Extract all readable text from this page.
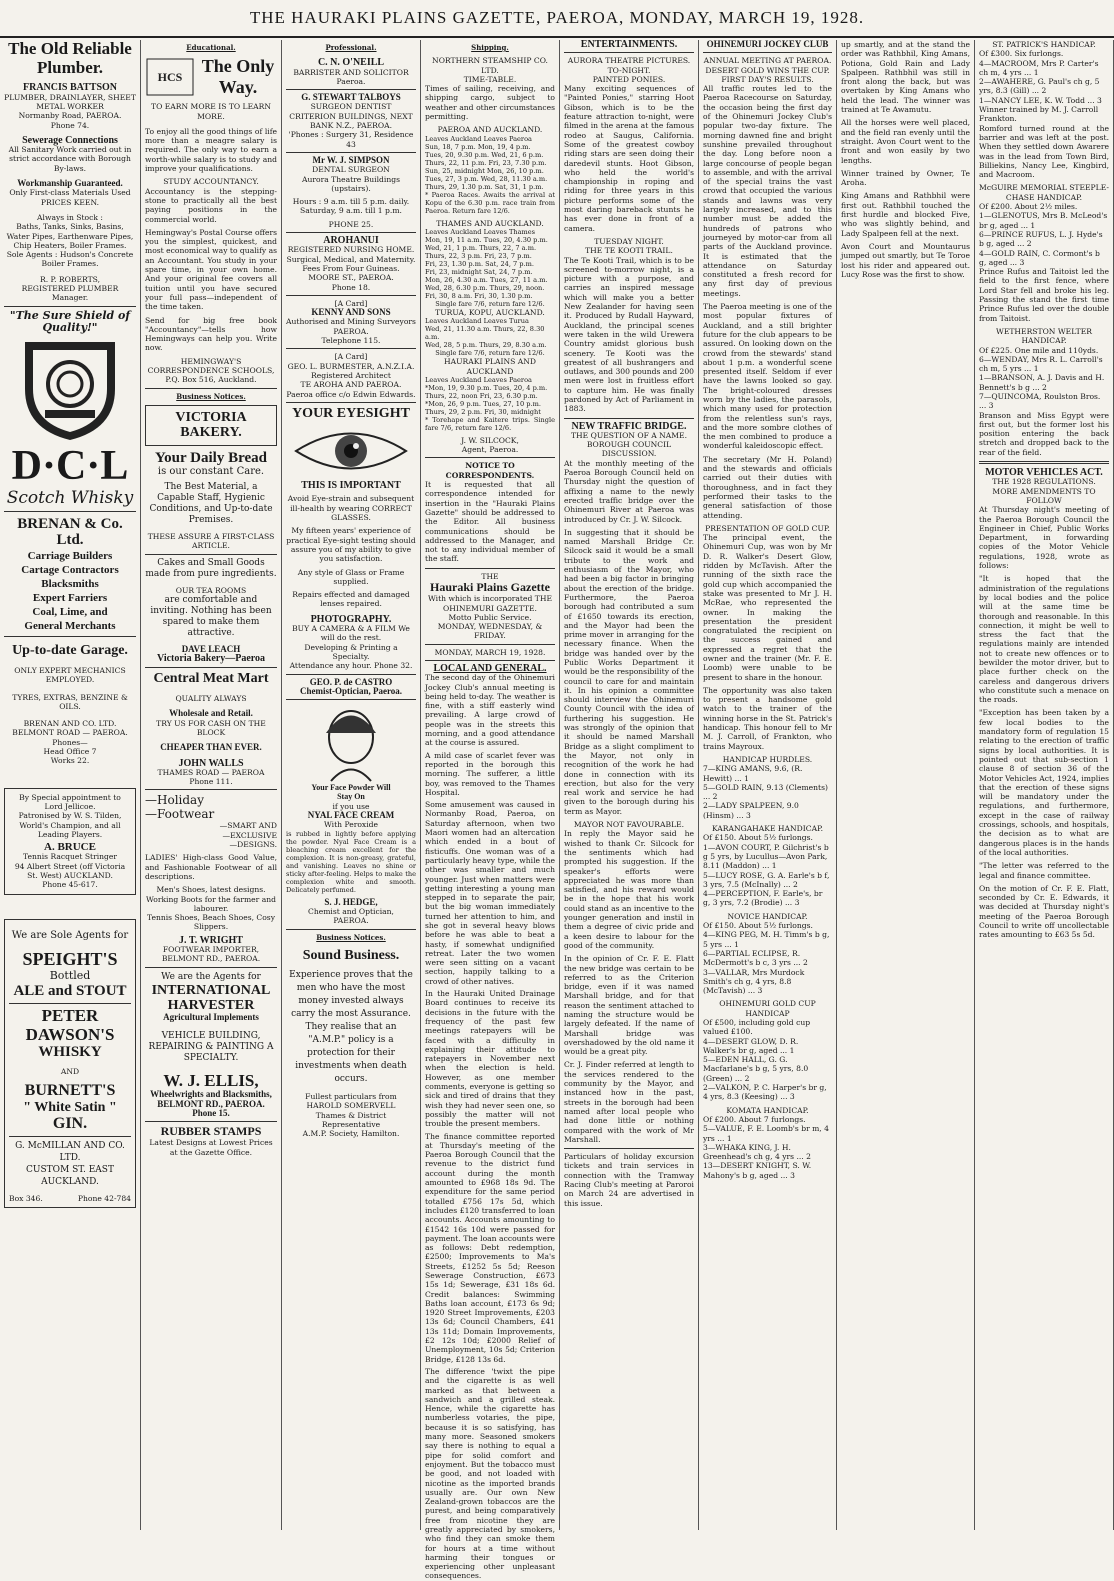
THE HAURAKI PLAINS GAZETTE, PAEROA, MONDAY, MARCH 19, 1928.
The Old Reliable
Plumber.
FRANCIS BATTSON
PLUMBER, DRAINLAYER, SHEET METAL WORKER
Normanby Road, PAEROA.
Phone 74.
Sewerage Connections
All Sanitary Work carried out in strict accordance with Borough By-laws.
Workmanship Guaranteed.
Only First-class Materials Used PRICES KEEN.
Always in Stock :
Baths, Tanks, Sinks, Basins, Water Pipes, Earthenware Pipes, Chip Heaters, Boiler Frames.
Sole Agents : Hudson's Concrete Boiler Frames.
R. P. ROBERTS,
REGISTERED PLUMBER
Manager.
"The Sure Shield of Quality!"
D·C·L
Scotch Whisky
BRENAN & Co. Ltd.
Carriage Builders
Cartage Contractors
Blacksmiths
Expert Farriers
Coal, Lime, and
General Merchants
Up-to-date Garage.
ONLY EXPERT MECHANICS EMPLOYED.
TYRES, EXTRAS, BENZINE & OILS.
BRENAN AND CO. LTD.
BELMONT ROAD — PAEROA.
Phones—
Head Office 7
Works 22.
By Special appointment to Lord Jellicoe.
Patronised by W. S. Tilden, World's Champion, and all Leading Players.
A. BRUCE
Tennis Racquet Stringer
94 Albert Street (off Victoria St. West) AUCKLAND.
Phone 45-617.
We are Sole Agents for
SPEIGHT'S
Bottled
ALE and STOUT
PETER
DAWSON'S
WHISKY
AND
BURNETT'S
" White Satin "
GIN.
G. McMILLAN AND CO.
LTD.
CUSTOM ST. EAST
AUCKLAND.
Box 346.	Phone 42-784
Educational.
HCS
The Only Way.
TO EARN MORE IS TO LEARN MORE.

To enjoy all the good things of life more than a meagre salary is required. The only way to earn a worth-while salary is to study and improve your qualifications.

STUDY ACCOUNTANCY.

Accountancy is the stepping-stone to practically all the best paying positions in the commercial world.

Hemingway's Postal Course offers you the simplest, quickest, and most economical way to qualify as an Accountant. You study in your spare time, in your own home. And your original fee covers all tuition until you have secured your full pass—independent of the time taken.

Send for big free book "Accountancy"—tells how Hemingways can help you. Write now.

HEMINGWAY'S
CORRESPONDENCE SCHOOLS,
P.Q. Box 516, Auckland.
Business Notices.
VICTORIA BAKERY.
Your Daily Bread
is our constant Care.
The Best Material, a Capable Staff, Hygienic Conditions, and Up-to-date Premises.
THESE ASSURE A FIRST-CLASS ARTICLE.
Cakes and Small Goods made from pure ingredients.
OUR TEA ROOMS
are comfortable and inviting. Nothing has been spared to make them attractive.
DAVE LEACH
Victoria Bakery—Paeroa
Central Meat Mart
QUALITY ALWAYS
Wholesale and Retail.
TRY US FOR CASH ON THE BLOCK
CHEAPER THAN EVER.
JOHN WALLS
THAMES ROAD — PAEROA
Phone 111.
—Holiday
—Footwear
—SMART AND
—EXCLUSIVE
—DESIGNS.

LADIES' High-class Good Value, and Fashionable Footwear of all descriptions.

Men's Shoes, latest designs.
Working Boots for the farmer and labourer.
Tennis Shoes, Beach Shoes, Cosy Slippers.
J. T. WRIGHT
FOOTWEAR IMPORTER,
BELMONT RD., PAEROA.
We are the Agents for
INTERNATIONAL
HARVESTER
Agricultural Implements
VEHICLE BUILDING, REPAIRING & PAINTING A SPECIALTY.
W. J. ELLIS,
Wheelwrights and Blacksmiths,
BELMONT RD., PAEROA.
Phone 15.
RUBBER STAMPS
Latest Designs at Lowest Prices at the Gazette Office.
Professional.
C. N. O'NEILL
BARRISTER AND SOLICITOR
Paeroa.
G. STEWART TALBOYS
SURGEON DENTIST
CRITERION BUILDINGS, NEXT BANK N.Z., PAEROA.
'Phones : Surgery 31, Residence 43
Mr W. J. SIMPSON
DENTAL SURGEON
Aurora Theatre Buildings (upstairs).
Hours : 9 a.m. till 5 p.m. daily. Saturday, 9 a.m. till 1 p.m.
PHONE 25.
AROHANUI
REGISTERED NURSING HOME.
Surgical, Medical, and Maternity. Fees From Four Guineas.
MOORE ST., PAEROA.
Phone 18.
[A Card]
KENNY AND SONS
Authorised and Mining Surveyors PAEROA.
Telephone 115.
[A Card]
GEO. L. BURMESTER, A.N.Z.I.A.
Registered Architect
TE AROHA AND PAEROA.
Paeroa office c/o Edwin Edwards.
YOUR EYESIGHT
THIS IS IMPORTANT
Avoid Eye-strain and subsequent ill-health by wearing CORRECT GLASSES.
My fifteen years' experience of practical Eye-sight testing should assure you of my ability to give you satisfaction.
Any style of Glass or Frame supplied.
Repairs effected and damaged lenses repaired.
PHOTOGRAPHY.
BUY A CAMERA & A FILM We will do the rest.
Developing & Printing a Specialty.
Attendance any hour. Phone 32.
GEO. P. de CASTRO
Chemist-Optician, Paeroa.
Your Face Powder Will
Stay On
if you use
NYAL FACE CREAM
With Peroxide

is rubbed in lightly before applying the powder. Nyal Face Cream is a bleaching cream excellent for the complexion. It is non-greasy, grateful, and vanishing. Leaves no shine or sticky after-feeling. Helps to make the complexion white and smooth. Delicately perfumed.

S. J. HEDGE,
Chemist and Optician,
PAEROA.
Business Notices.
Sound Business.
Experience proves that the men who have the most money invested always carry the most Assurance. They realise that an "A.M.P." policy is a protection for their investments when death occurs.
Fullest particulars from
HAROLD SOMERVELL
Thames & District Representative
A.M.P. Society, Hamilton.
Shipping.
NORTHERN STEAMSHIP CO. LTD.
TIME-TABLE.

Times of sailing, receiving, and shipping cargo, subject to weather and other circumstances permitting.

PAEROA AND AUCKLAND.
Leaves Auckland Leaves Paeroa
Sun, 18, 7 p.m. Mon, 19, 4 p.m.
Tues, 20, 9.30 p.m. Wed, 21, 6 p.m.
Thurs, 22, 11 p.m. Fri, 23, 7.30 p.m.
Sun, 25, midnight Mon, 26, 10 p.m.
Tues, 27, 3 p.m. Wed, 28, 11.30 a.m.
Thurs, 29, 1.30 p.m. Sat, 31, 1 p.m.

* Paeroa Races. Awaits the arrival at Kopu of the 6.30 p.m. race train from Paeroa. Return fare 12/6.

THAMES AND AUCKLAND.
Leaves Auckland Leaves Thames
Mon, 19, 11 a.m. Tues, 20, 4.30 p.m.
Wed, 21, 1 p.m. Thurs, 22, 7 a.m.
Thurs, 22, 3 p.m. Fri, 23, 7 p.m.
Fri, 23, 1.30 p.m. Sat, 24, 7 p.m.
Fri, 23, midnight Sat, 24, 7 p.m.
Mon, 26, 4.30 a.m. Tues, 27, 11 a.m.
Wed, 28, 6.30 p.m. Thurs, 29, noon.
Fri, 30, 8 a.m. Fri, 30, 1.30 p.m.
Single fare 7/6, return fare 12/6.
TURUA, KOPU, AUCKLAND.
Leaves Auckland Leaves Turua
Wed, 21, 11.30 a.m. Thurs, 22, 8.30 a.m.
Wed, 28, 5 p.m. Thurs, 29, 8.30 a.m.
Single fare 7/6, return fare 12/6.
HAURAKI PLAINS AND AUCKLAND
Leaves Auckland Leaves Paeroa
*Mon, 19, 9.30 p.m. Tues, 20, 4 p.m.
Thurs, 22, noon Fri, 23, 6.30 p.m.
*Mon, 26, 9 p.m. Tues, 27, 10 p.m.
Thurs, 29, 2 p.m. Fri, 30, midnight

* Torehape and Kaitere trips. Single fare 7/6, return fare 12/6.

J. W. SILCOCK,
Agent, Paeroa.
NOTICE TO CORRESPONDENTS.

It is requested that all correspondence intended for insertion in the "Hauraki Plains Gazette" should be addressed to the Editor. All business communications should be addressed to the Manager, and not to any individual member of the staff.

THE
Hauraki Plains Gazette
With which is incorporated THE OHINEMURI GAZETTE.
Motto Public Service.
MONDAY, WEDNESDAY, & FRIDAY.
MONDAY, MARCH 19, 1928.
LOCAL AND GENERAL.

The second day of the Ohinemuri Jockey Club's annual meeting is being held to-day. The weather is fine, with a stiff easterly wind prevailing. A large crowd of people was in the streets this morning, and a good attendance at the course is assured.

A mild case of scarlet fever was reported in the borough this morning. The sufferer, a little boy, was removed to the Thames Hospital.

Some amusement was caused in Normanby Road, Paeroa, on Saturday afternoon, when two Maori women had an altercation which ended in a bout of fisticuffs. One woman was of a particularly heavy type, while the other was smaller and much younger. Just when matters were getting interesting a young man stepped in to separate the pair, but the big woman immediately turned her attention to him, and she got in several heavy blows before he was able to beat a hasty, if somewhat undignified retreat. Later the two women were seen sitting on a vacant section, happily talking to a crowd of other natives.

In the Hauraki United Drainage Board continues to receive its decisions in the future with the frequency of the past few meetings ratepayers will be faced with a difficulty in explaining their attitude to ratepayers in November next when the election is held. However, as one member comments, everyone is getting so sick and tired of drains that they wish they had never seen one, so possibly the matter will not trouble the present members.

The finance committee reported at Thursday's meeting of the Paeroa Borough Council that the revenue to the district fund account during the month amounted to £968 18s 9d. The expenditure for the same period totalled £756 17s 5d, which includes £120 transferred to loan accounts. Accounts amounting to £1542 16s 10d were passed for payment. The loan accounts were as follows: Debt redemption, £2500; Improvements to Ma's Streets, £1252 5s 5d; Reeson Sewerage Construction, £673 15s 1d; Sewerage, £31 18s 6d. Credit balances: Swimming Baths loan account, £173 6s 9d; 1920 Street Improvements, £203 13s 6d; Council Chambers, £41 13s 11d; Domain Improvements, £2 12s 10d; £2000 Relief of Unemployment, 10s 5d; Criterion Bridge, £128 13s 6d.

The difference 'twixt the pipe and the cigarette is as well marked as that between a sandwich and a grilled steak. Hence, while the cigarette has numberless votaries, the pipe, because it is so satisfying, has many more. Seasoned smokers say there is nothing to equal a pipe for solid comfort and enjoyment. But the tobacco must be good, and not loaded with nicotine as the imported brands usually are. Our own New Zealand-grown tobaccos are the purest, and being comparatively free from nicotine they are greatly appreciated by smokers, who find they can smoke them for hours at a time without harming their tongues or experiencing other unpleasant consequences.

ENTERTAINMENTS.
AURORA THEATRE PICTURES.
TO-NIGHT.
PAINTED PONIES.

Many exciting sequences of "Painted Ponies," starring Hoot Gibson, which is to be the feature attraction to-night, were filmed in the arena at the famous rodeo at Saugus, California. Some of the greatest cowboy riding stars are seen doing their daredevil stunts. Hoot Gibson, who held the world's championship in roping and riding for three years in this picture performs some of the most daring bareback stunts he has ever done in front of a camera.

TUESDAY NIGHT.
THE TE KOOTI TRAIL.

The Te Kooti Trail, which is to be screened to-morrow night, is a picture with a purpose, and carries an inspired message which will make you a better New Zealander for having seen it. Produced by Rudall Hayward, Auckland, the principal scenes were taken in the wild Urewera Country amidst glorious bush scenery. Te Kooti was the greatest of all bushrangers and outlaws, and 300 pounds and 200 men were lost in fruitless effort to capture him. He was finally pardoned by Act of Parliament in 1883.

NEW TRAFFIC BRIDGE.
THE QUESTION OF A NAME.
BOROUGH COUNCIL DISCUSSION.

At the monthly meeting of the Paeroa Borough Council held on Thursday night the question of affixing a name to the newly erected traffic bridge over the Ohinemuri River at Paeroa was introduced by Cr. J. W. Silcock.

In suggesting that it should be named Marshall Bridge Cr. Silcock said it would be a small tribute to the work and enthusiasm of the Mayor, who had been a big factor in bringing about the erection of the bridge. Furthermore, the Paeroa borough had contributed a sum of £1650 towards its erection, and the Mayor had been the prime mover in arranging for the necessary finance. When the bridge was handed over by the Public Works Department it would be the responsibility of the council to care for and maintain it. In his opinion a committee should interview the Ohinemuri County Council with the idea of furthering his suggestion. He was strongly of the opinion that it should be named Marshall Bridge as a slight compliment to the Mayor, not only in recognition of the work he had done in connection with its erection, but also for the very real work and service he had given to the borough during his term as Mayor.

MAYOR NOT FAVOURABLE.

In reply the Mayor said he wished to thank Cr. Silcock for the sentiments which had prompted his suggestion. If the speaker's efforts were appreciated he was more than satisfied, and his reward would be in the hope that his work could stand as an incentive to the younger generation and instil in them a degree of civic pride and a keen desire to labour for the good of the community.

In the opinion of Cr. F. E. Flatt the new bridge was certain to be referred to as the Criterion bridge, even if it was named Marshall bridge, and for that reason the sentiment attached to naming the structure would be largely defeated. If the name of Marshall bridge was overshadowed by the old name it would be a great pity.

Cr. J. Finder referred at length to the services rendered to the community by the Mayor, and instanced how in the past, streets in the borough had been named after local people who had done little or nothing compared with the work of Mr Marshall.

Particulars of holiday excursion tickets and train services in connection with the Tramway Racing Club's meeting at Paroroi on March 24 are advertised in this issue.

OHINEMURI JOCKEY CLUB
ANNUAL MEETING AT PAEROA.
DESERT GOLD WINS THE CUP.
FIRST DAY'S RESULTS.

All traffic routes led to the Paeroa Racecourse on Saturday, the occasion being the first day of the Ohinemuri Jockey Club's popular two-day fixture. The morning dawned fine and bright sunshine prevailed throughout the day. Long before noon a large concourse of people began to assemble, and with the arrival of the special trains the vast crowd that occupied the various stands and lawns was very largely increased, and to this number must be added the hundreds of patrons who journeyed by motor-car from all parts of the Auckland province. It is estimated that the attendance on Saturday constituted a fresh record for any first day of previous meetings.

The Paeroa meeting is one of the most popular fixtures of Auckland, and a still brighter future for the club appears to be assured. On looking down on the crowd from the stewards' stand about 1 p.m. a wonderful scene presented itself. Seldom if ever have the lawns looked so gay. The bright-coloured dresses worn by the ladies, the parasols, which many used for protection from the relentless sun's rays, and the more sombre clothes of the men combined to produce a wonderful kaleidoscopic effect.

The secretary (Mr H. Poland) and the stewards and officials carried out their duties with thoroughness, and in fact they performed their tasks to the general satisfaction of those attending.

PRESENTATION OF GOLD CUP.

The principal event, the Ohinemuri Cup, was won by Mr D. R. Walker's Desert Glow, ridden by McTavish. After the running of the sixth race the gold cup which accompanied the stake was presented to Mr J. H. McRae, who represented the owner. In making the presentation the president congratulated the recipient on the success gained and expressed a regret that the owner and the trainer (Mr. F. E. Loomb) were unable to be present to share in the honour.

The opportunity was also taken to present a handsome gold watch to the trainer of the winning horse in the St. Patrick's handicap. This honour fell to Mr M. J. Carroll, of Frankton, who trains Mayroux.

HANDICAP HURDLES.
7—KING AMANS, 9.6, (R. Hewitt) ... 1
5—GOLD RAIN, 9.13 (Clements) ... 2
2—LADY SPALPEEN, 9.0 (Hinsm) ... 3
KARANGAHAKE HANDICAP.
Of £150. About 5½ furlongs.
1—AVON COURT, P. Gilchrist's b g 5 yrs, by Lucullus—Avon Park, 8.11 (Maddon) ... 1
5—LUCY ROSE, G. A. Earle's b f, 3 yrs, 7.5 (McInally) ... 2
4—PERCEPTION, F. Earle's, br g, 3 yrs, 7.2 (Brodie) ... 3
NOVICE HANDICAP.
Of £150. About 5½ furlongs.
4—KING PEG, M. H. Timm's b g, 5 yrs ... 1
6—PARTIAL ECLIPSE, R. McDermott's b c, 3 yrs ... 2
3—VALLAR, Mrs Murdock Smith's ch g, 4 yrs, 8.8 (McTavish) ... 3
OHINEMURI GOLD CUP HANDICAP
Of £500, including gold cup valued £100.
4—DESERT GLOW, D. R. Walker's br g, aged ... 1
5—EDEN HALL, G. G. Macfarlane's b g, 5 yrs, 8.0 (Green) ... 2
2—VALKON, P. C. Harper's br g, 4 yrs, 8.3 (Keesing) ... 3
KOMATA HANDICAP.
Of £200. About 7 furlongs.
5—VALUE, F. E. Loomb's br m, 4 yrs ... 1
3—WHAKA KING, J. H. Greenhead's ch g, 4 yrs ... 2
13—DESERT KNIGHT, S. W. Mahony's b g, aged ... 3

up smartly, and at the stand the order was Rathbhil, King Amans, Potiona, Gold Rain and Lady Spalpeen. Rathbhil was still in front along the back, but was overtaken by King Amans who held the lead. The winner was trained at Te Awamutu.

All the horses were well placed, and the field ran evenly until the straight. Avon Court went to the front and won easily by two lengths.

Winner trained by Owner, Te Aroha.

King Amans and Rathbhil were first out. Rathbhil touched the first hurdle and blocked Five, who was slightly behind, and Lady Spalpeen fell at the next.

Avon Court and Mountaurus jumped out smartly, but Te Toroe lost his rider and appeared out. Lucy Rose was the first to show.

ST. PATRICK'S HANDICAP.
Of £300. Six furlongs.
4—MACROOM, Mrs P. Carter's ch m, 4 yrs ... 1
2—AWAHERE, G. Paul's ch g, 5 yrs, 8.3 (Gill) ... 2
1—NANCY LEE, K. W. Todd ... 3
Winner trained by M. J. Carroll Frankton.

Romford turned round at the barrier and was left at the post. When they settled down Awarere was in the lead from Town Bird, Billiekins, Nancy Lee, Kingbird, and Macroom.

McGUIRE MEMORIAL STEEPLE-CHASE HANDICAP.
Of £200. About 2½ miles.
1—GLENOTUS, Mrs B. McLeod's br g, aged ... 1
6—PRINCE RUFUS, L. J. Hyde's b g, aged ... 2
4—GOLD RAIN, C. Cormont's b g, aged ... 3

Prince Rufus and Taitoist led the field to the first fence, where Lord Star fell and broke his leg. Passing the stand the first time Prince Rufus led over the double from Taitoist.

WETHERSTON WELTER HANDICAP.
Of £225. One mile and 110yds.
6—WENDAY, Mrs R. L. Carroll's ch m, 5 yrs ... 1
1—BRANSON, A. J. Davis and H. Bennett's b g ... 2
7—QUINCOMA, Roulston Bros. ... 3

Branson and Miss Egypt were first out, but the former lost his position entering the back stretch and dropped back to the rear of the field.

MOTOR VEHICLES ACT.
THE 1928 REGULATIONS.
MORE AMENDMENTS TO FOLLOW

At Thursday night's meeting of the Paeroa Borough Council the Engineer in Chief, Public Works Department, in forwarding copies of the Motor Vehicle regulations, 1928, wrote as follows:

"It is hoped that the administration of the regulations by local bodies and the police will at the same time be thorough and reasonable. In this connection, it might be well to stress the fact that the regulations mainly are intended not to create new offences or to bewilder the motor driver, but to place further check on the careless and dangerous drivers who constitute such a menace on the roads.

"Exception has been taken by a few local bodies to the mandatory form of regulation 15 relating to the erection of traffic signs by local authorities. It is pointed out that sub-section 1 clause 8 of section 36 of the Motor Vehicles Act, 1924, implies that the erection of these signs will be mandatory under the regulations, and furthermore, except in the case of railway crossings, schools, and hospitals, the decision as to what are dangerous places is in the hands of the local authorities.

"The letter was referred to the legal and finance committee.

On the motion of Cr. F. E. Flatt, seconded by Cr. E. Edwards, it was decided at Thursday night's meeting of the Paeroa Borough Council to write off uncollectable rates amounting to £63 5s 5d.
